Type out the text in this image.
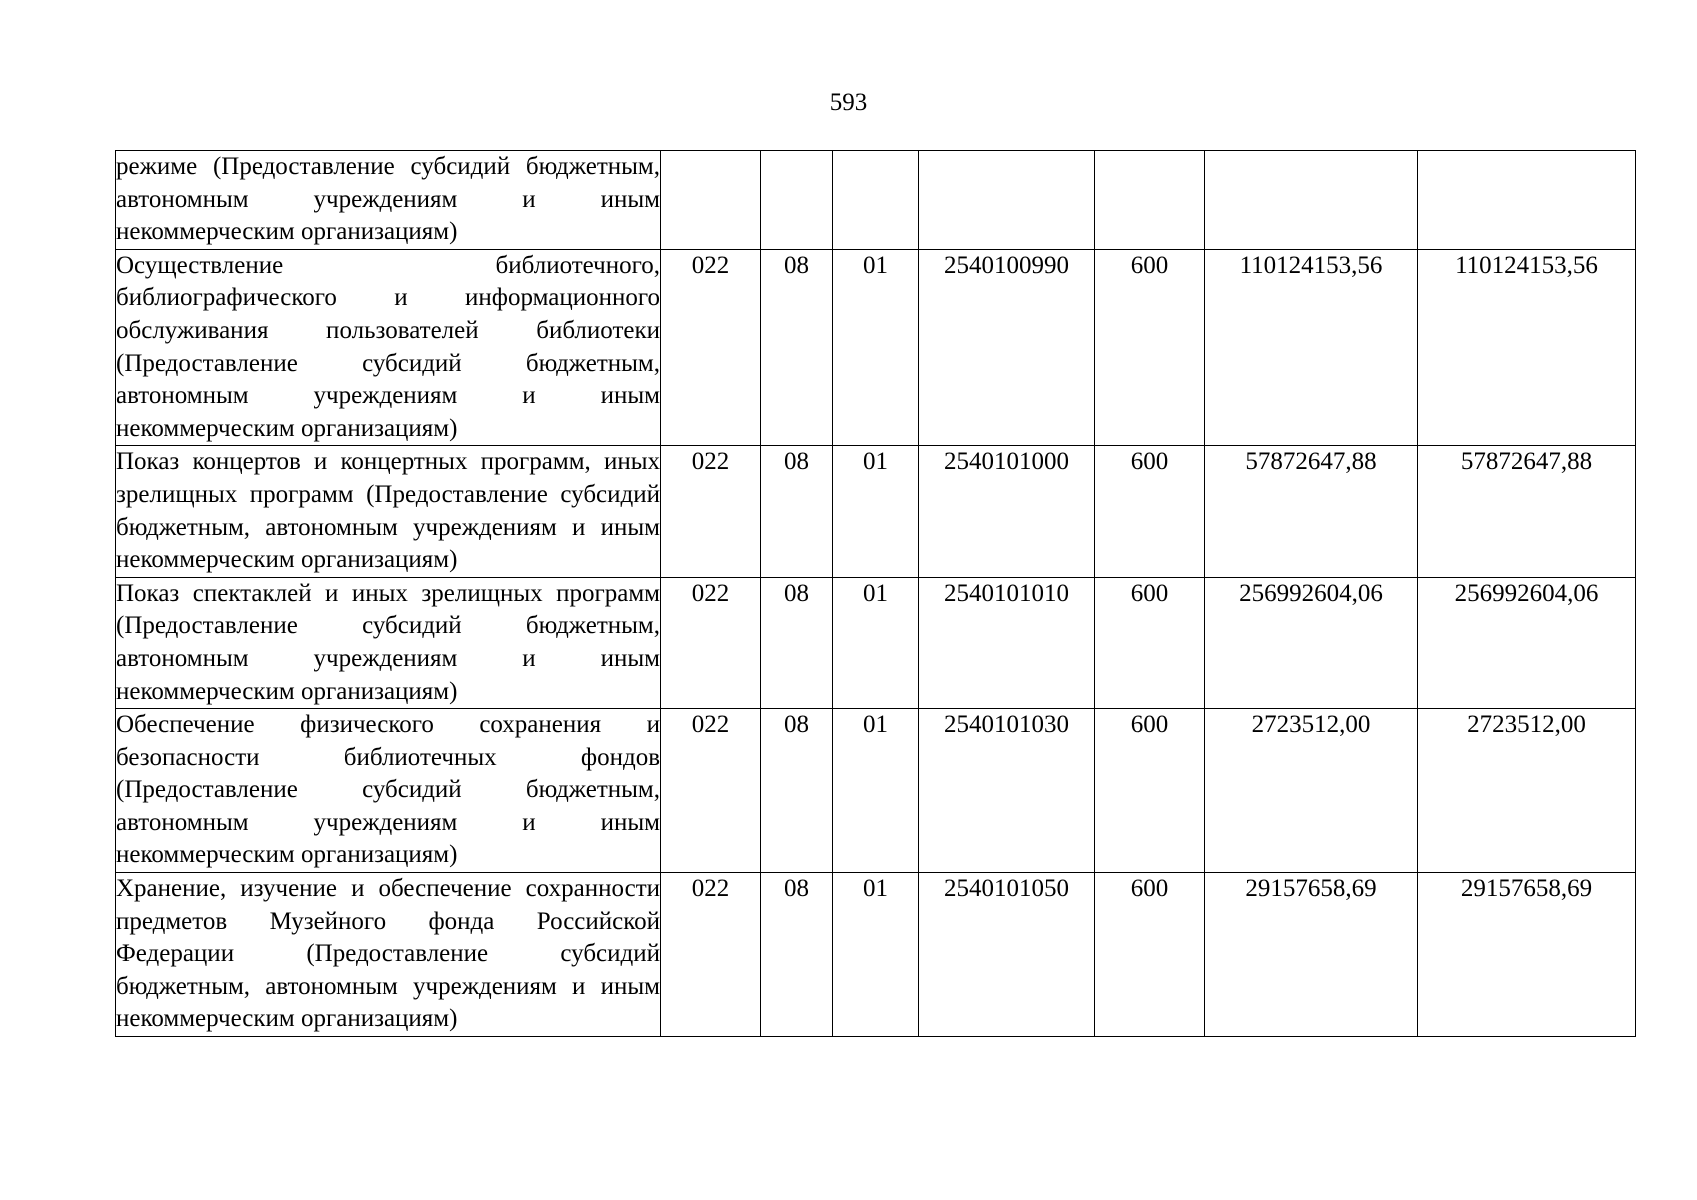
593
режиме (Предоставление субсидий бюджетным, автономным учреждениям и иным некоммерческим организациям)							
Осуществление библиотечного, библиографического и информационного обслуживания пользователей библиотеки (Предоставление субсидий бюджетным, автономным учреждениям и иным некоммерческим организациям)	022	08	01	2540100990	600	110124153,56	110124153,56
Показ концертов и концертных программ, иных зрелищных программ (Предоставление субсидий бюджетным, автономным учреждениям и иным некоммерческим организациям)	022	08	01	2540101000	600	57872647,88	57872647,88
Показ спектаклей и иных зрелищных программ (Предоставление субсидий бюджетным, автономным учреждениям и иным некоммерческим организациям)	022	08	01	2540101010	600	256992604,06	256992604,06
Обеспечение физического сохранения и безопасности библиотечных фондов (Предоставление субсидий бюджетным, автономным учреждениям и иным некоммерческим организациям)	022	08	01	2540101030	600	2723512,00	2723512,00
Хранение, изучение и обеспечение сохранности предметов Музейного фонда Российской Федерации (Предоставление субсидий бюджетным, автономным учреждениям и иным некоммерческим организациям)	022	08	01	2540101050	600	29157658,69	29157658,69
